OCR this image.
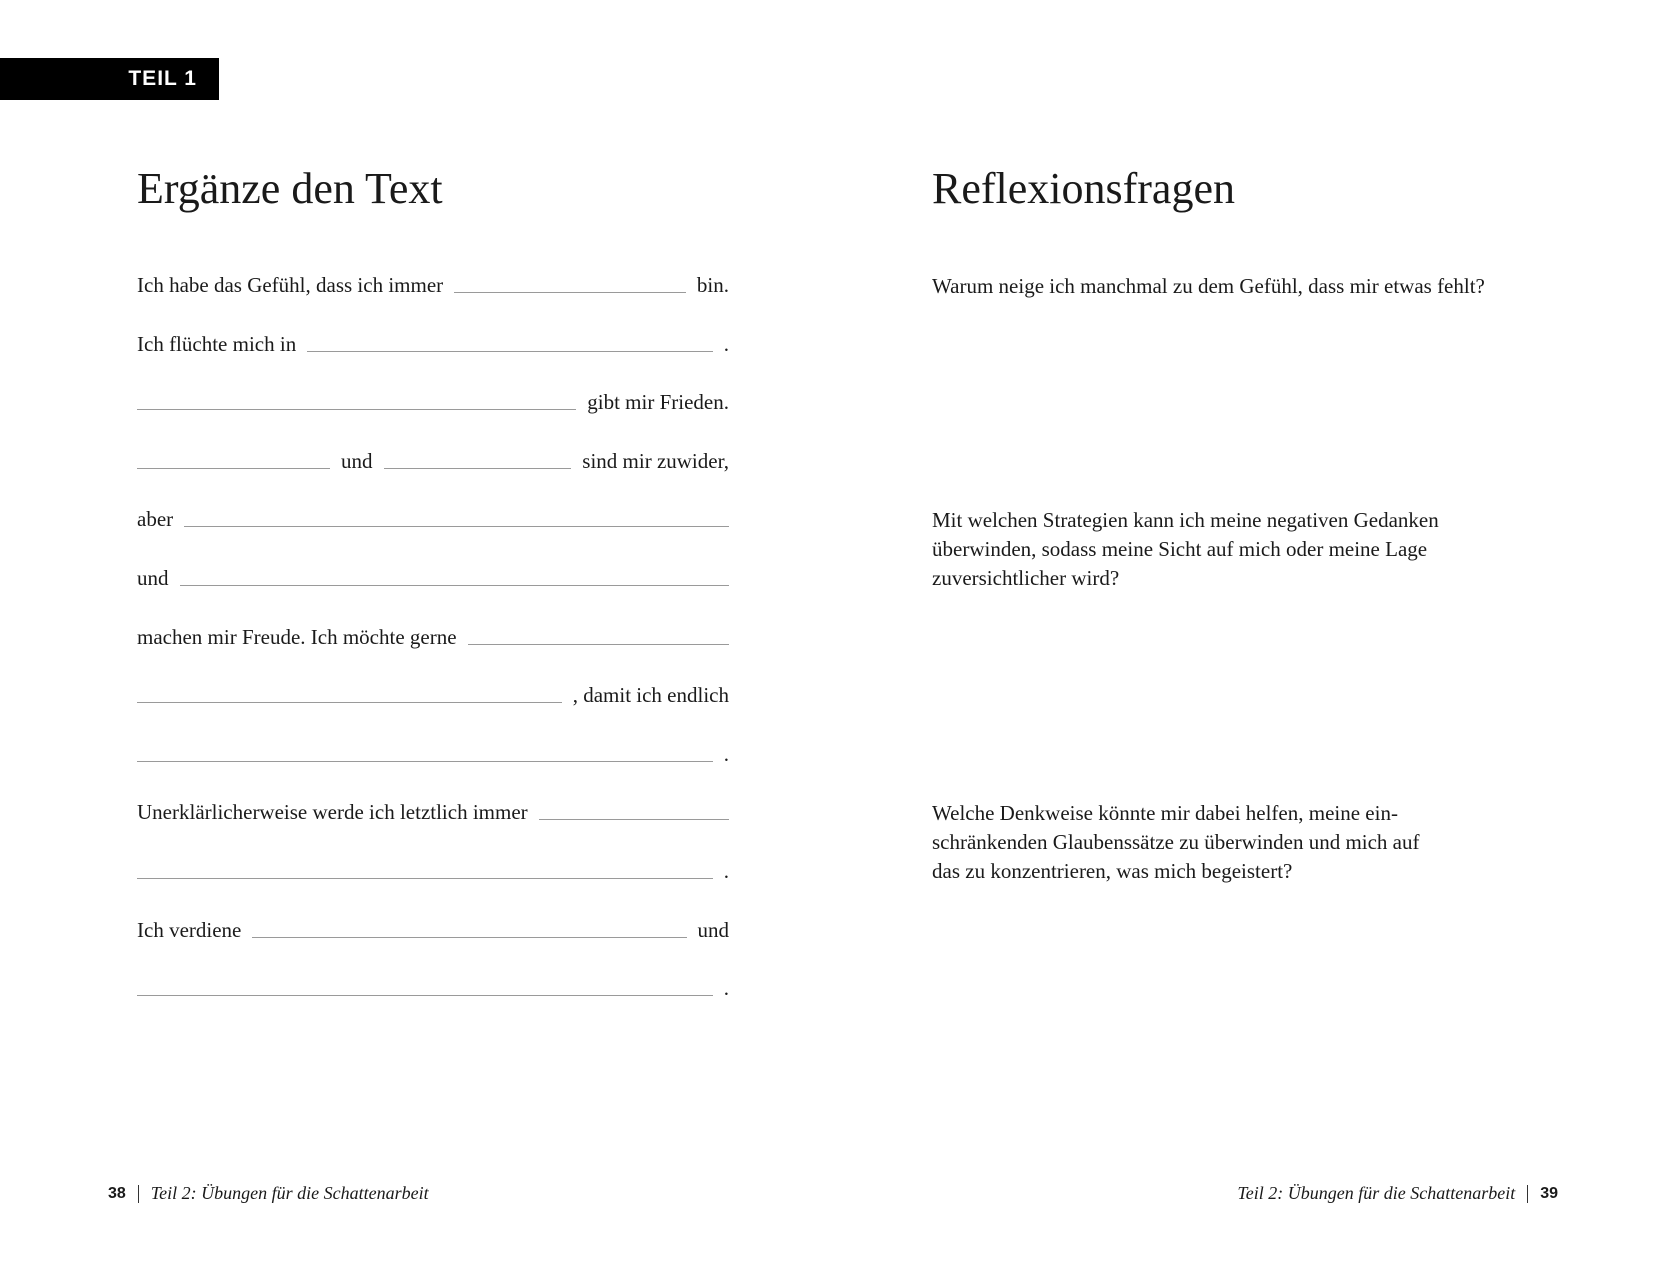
TEIL 1
Ergänze den Text	Reflexionsfragen
Ich habe das Gefühl, dass ich immer	bin.
Ich flüchte mich in	.
gibt mir Frieden.
und	sind mir zuwider,
aber
und
machen mir Freude. Ich möchte gerne
, damit ich endlich
.
Unerklärlicherweise werde ich letztlich immer
.
Ich verdiene	und
.
Warum neige ich manchmal zu dem Gefühl, dass mir etwas fehlt?
Mit welchen Strategien kann ich meine negativen Gedanken
überwinden, sodass meine Sicht auf mich oder meine Lage
zuversichtlicher wird?
Welche Denkweise könnte mir dabei helfen, meine ein-
schränkenden Glaubenssätze zu überwinden und mich auf
das zu konzentrieren, was mich begeistert?
38 Teil 2: Übungen für die Schattenarbeit	Teil 2: Übungen für die Schattenarbeit 39
